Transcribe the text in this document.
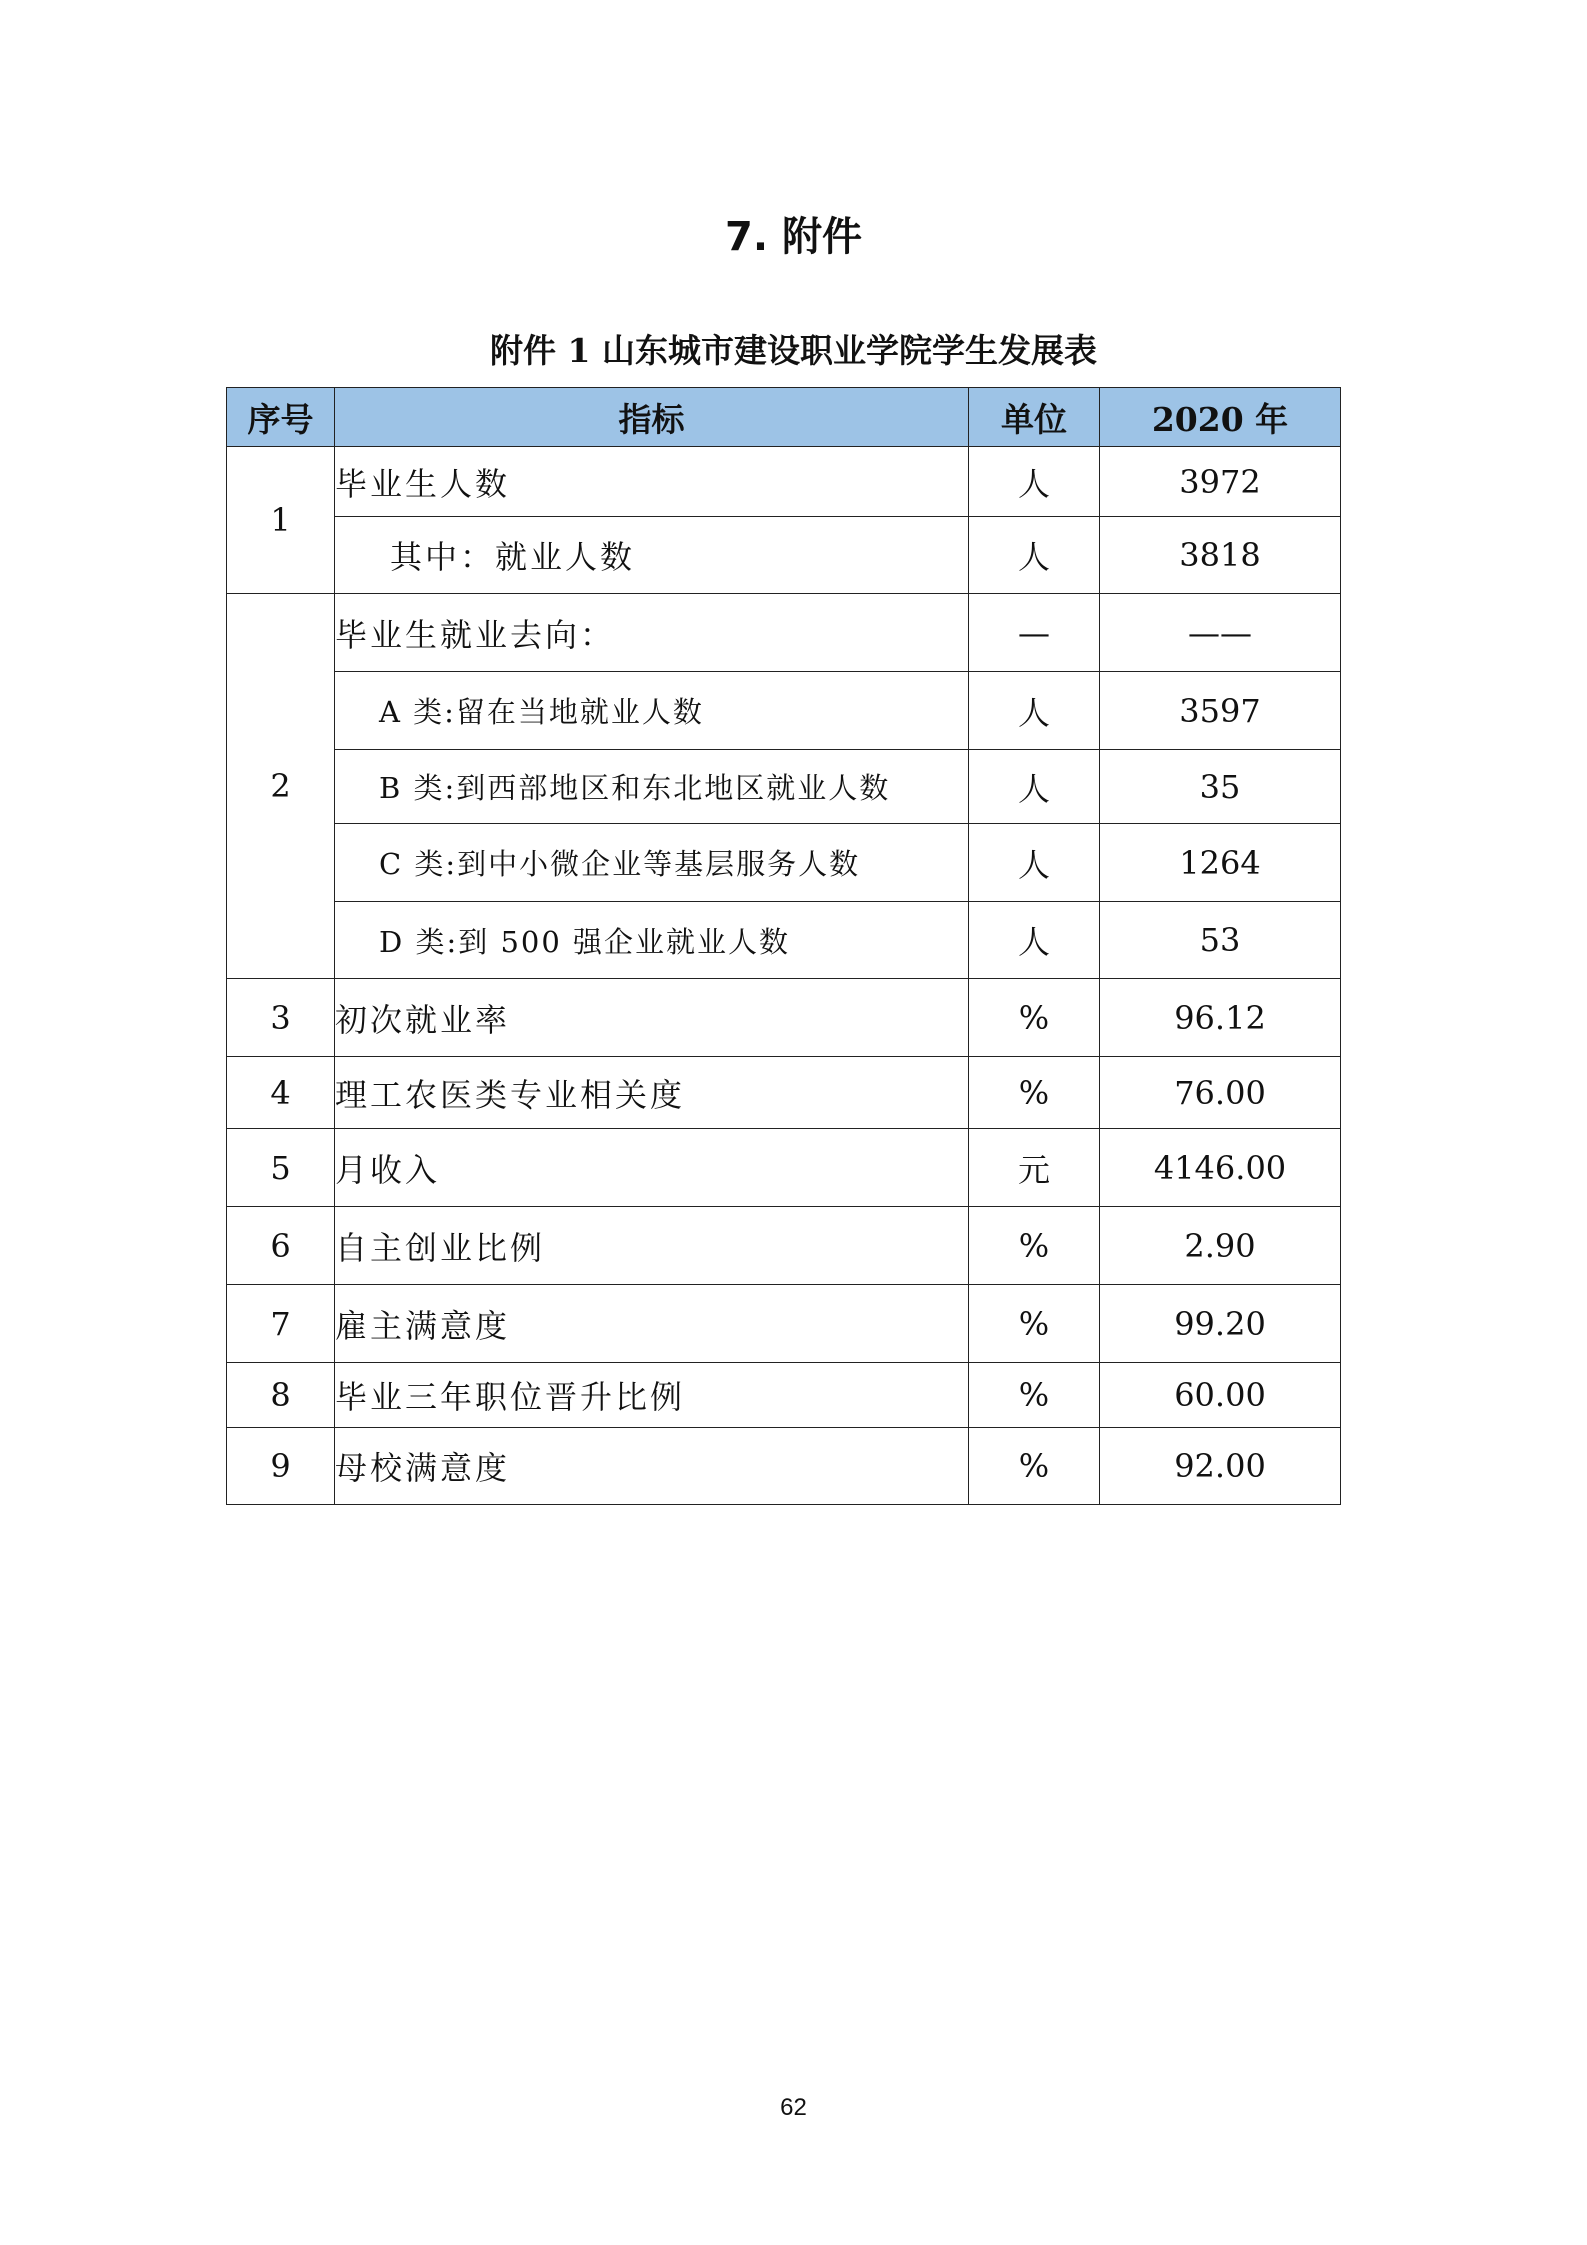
7. 附件
附件 1 山东城市建设职业学院学生发展表
序号	指标	单位	2020 年
1	毕业生人数	人	3972
	其中：就业人数	人	3818
2	毕业生就业去向：	—	——
	A 类:留在当地就业人数	人	3597
	B 类:到西部地区和东北地区就业人数	人	35
	C 类:到中小微企业等基层服务人数	人	1264
	D 类:到 500 强企业就业人数	人	53
3	初次就业率	%	96.12
4	理工农医类专业相关度	%	76.00
5	月收入	元	4146.00
6	自主创业比例	%	2.90
7	雇主满意度	%	99.20
8	毕业三年职位晋升比例	%	60.00
9	母校满意度	%	92.00
62
